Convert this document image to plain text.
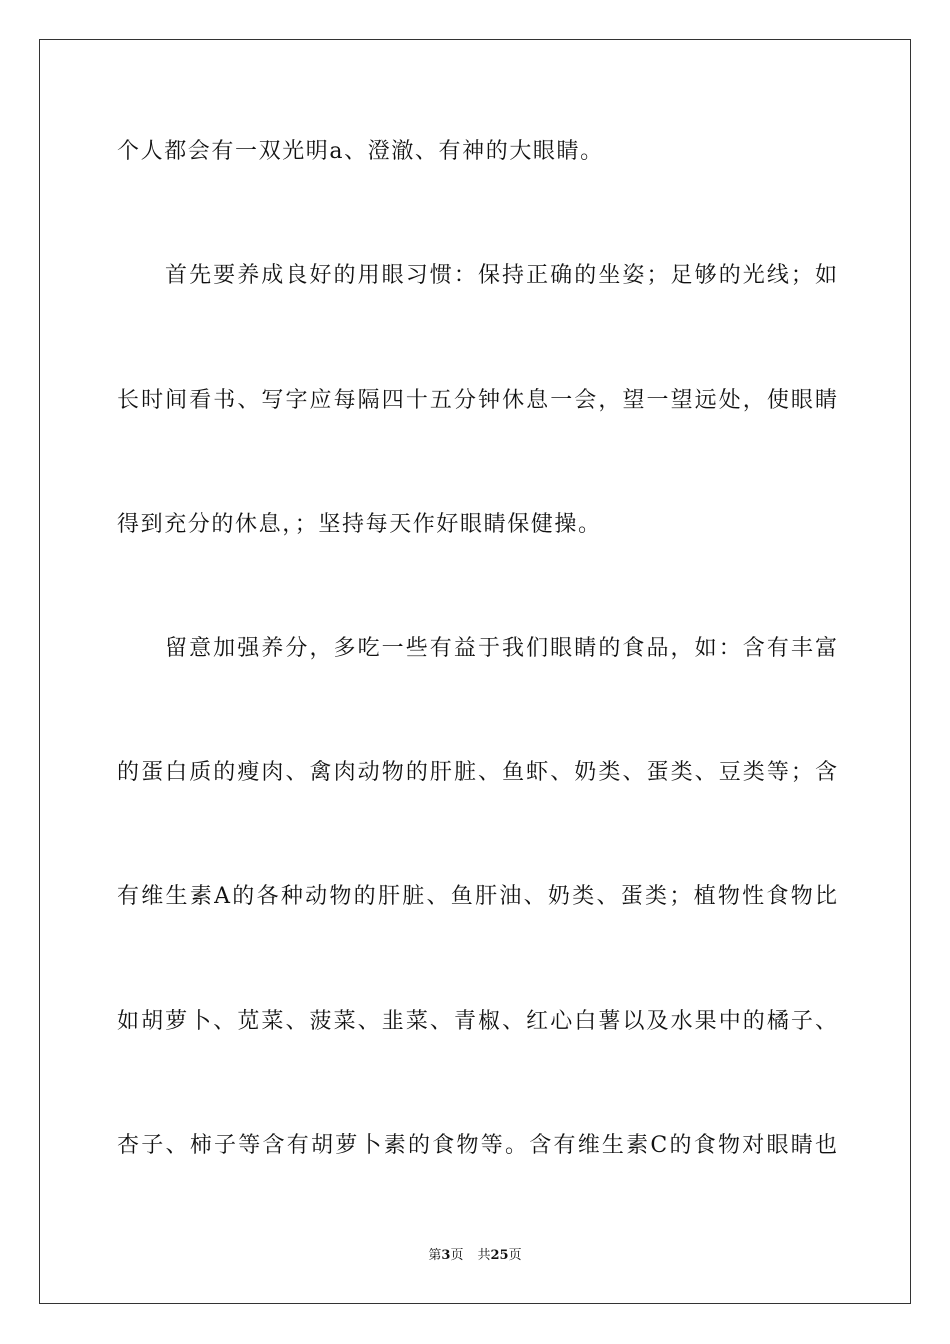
个人都会有一双光明a、澄澈、有神的大眼睛。
首先要养成良好的用眼习惯：保持正确的坐姿；足够的光线；如
长时间看书、写字应每隔四十五分钟休息一会，望一望远处，使眼睛
得到充分的休息，；坚持每天作好眼睛保健操。
留意加强养分，多吃一些有益于我们眼睛的食品，如：含有丰富
的蛋白质的瘦肉、禽肉动物的肝脏、鱼虾、奶类、蛋类、豆类等；含
有维生素A的各种动物的肝脏、鱼肝油、奶类、蛋类；植物性食物比
如胡萝卜、苋菜、菠菜、韭菜、青椒、红心白薯以及水果中的橘子、
杏子、柿子等含有胡萝卜素的食物等。含有维生素C的食物对眼睛也
第3页 共25页
